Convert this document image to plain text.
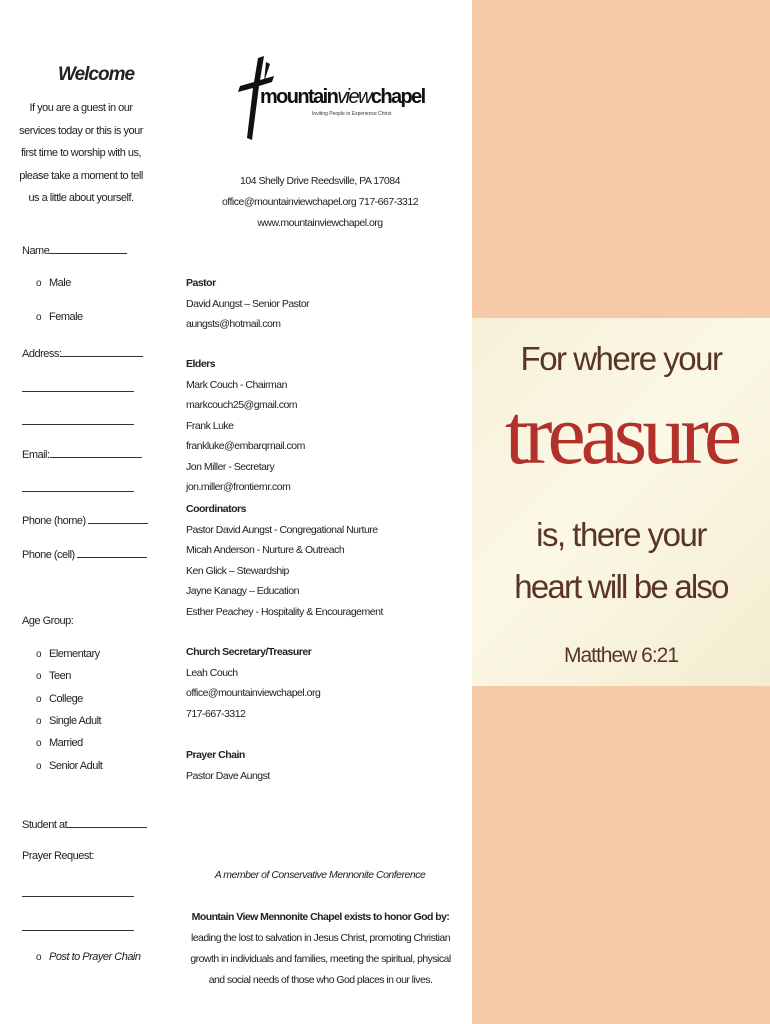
Welcome
If you are a guest in our services today or this is your first time to worship with us, please take a moment to tell us a little about yourself.
Name
o Male
o Female
Address:
Email:
Phone (home)
Phone (cell)
Age Group:
o Elementary
o Teen
o College
o Single Adult
o Married
o Senior Adult
Student at
Prayer Request:
o Post to Prayer Chain
mountainviewchapel
Inviting People to Experience Christ
104 Shelly Drive Reedsville, PA 17084
office@mountainviewchapel.org 717-667-3312
www.mountainviewchapel.org
Pastor
David Aungst – Senior Pastor
aungsts@hotmail.com
Elders
Mark Couch - Chairman
markcouch25@gmail.com
Frank Luke
frankluke@embarqmail.com
Jon Miller - Secretary
jon.miller@frontiernr.com
Coordinators
Pastor David Aungst - Congregational Nurture
Micah Anderson - Nurture & Outreach
Ken Glick – Stewardship
Jayne Kanagy – Education
Esther Peachey - Hospitality & Encouragement
Church Secretary/Treasurer
Leah Couch
office@mountainviewchapel.org
717-667-3312
Prayer Chain
Pastor Dave Aungst
A member of Conservative Mennonite Conference
Mountain View Mennonite Chapel exists to honor God by: leading the lost to salvation in Jesus Christ, promoting Christian growth in individuals and families, meeting the spiritual, physical and social needs of those who God places in our lives.
For where your
treasure
is, there your
heart will be also
Matthew 6:21
